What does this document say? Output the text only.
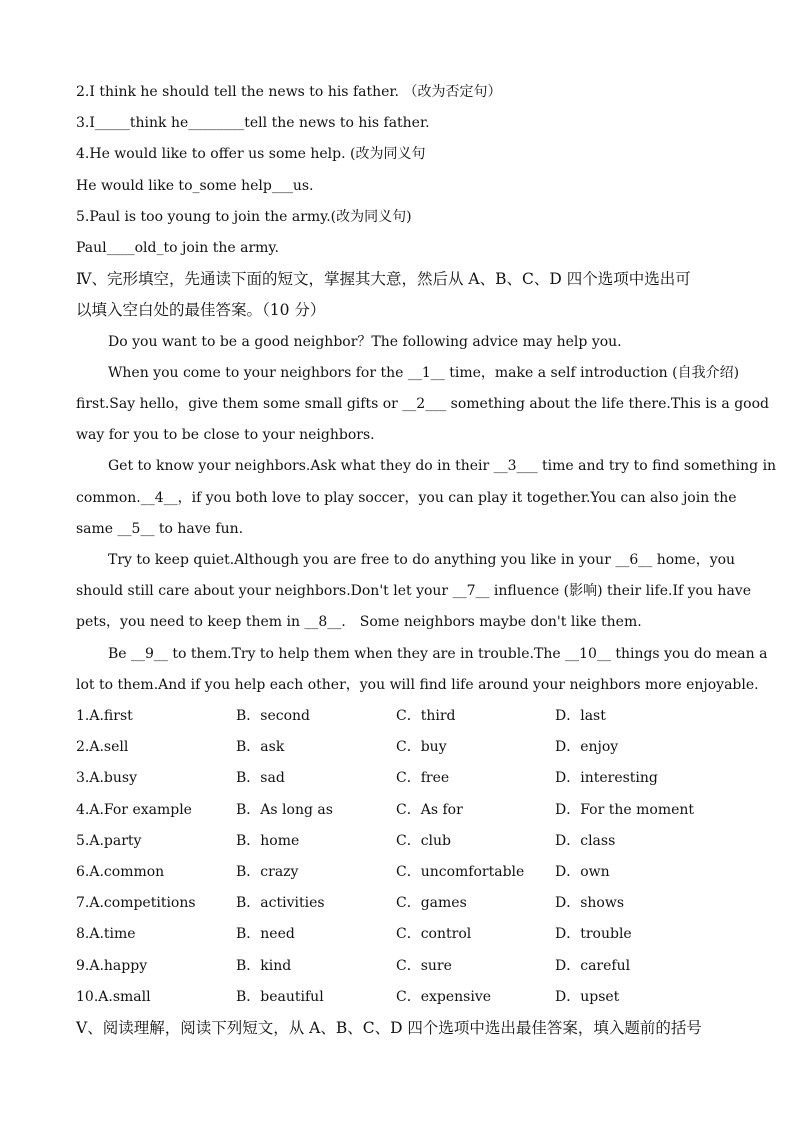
2.I think he should tell the news to his father. （改为否定句）
3.I_____think he________tell the news to his father.
4.He would like to offer us some help. (改为同义句
He would like to_some help___us.
5.Paul is too young to join the army.(改为同义句)
Paul____old_to join the army.
Ⅳ、完形填空，先通读下面的短文，掌握其大意，然后从 A、B、C、D 四个选项中选出可
以填入空白处的最佳答案。（10 分）
Do you want to be a good neighbor？The following advice may help you.
When you come to your neighbors for the __1__ time，make a self introduction (自我介绍)
first.Say hello，give them some small gifts or __2___ something about the life there.This is a good
way for you to be close to your neighbors.
Get to know your neighbors.Ask what they do in their __3___ time and try to find something in
common.__4__，if you both love to play soccer，you can play it together.You can also join the
same __5__ to have fun.
Try to keep quiet.Although you are free to do anything you like in your __6__ home，you
should still care about your neighbors.Don't let your __7__ influence (影响) their life.If you have
pets，you need to keep them in __8__． Some neighbors maybe don't like them.
Be __9__ to them.Try to help them when they are in trouble.The __10__ things you do mean a
lot to them.And if you help each other，you will find life around your neighbors more enjoyable.
1.A.first	B．second	C．third	D．last
2.A.sell	B．ask	C．buy	D．enjoy
3.A.busy	B．sad	C．free	D．interesting
4.A.For example	B．As long as	C．As for	D．For the moment
5.A.party	B．home	C．club	D．class
6.A.common	B．crazy	C．uncomfortable D．own
7.A.competitions	B．activities	C．games	D．shows
8.A.time	B．need	C．control	D．trouble
9.A.happy	B．kind	C．sure	D．careful
10.A.small	B．beautiful	C．expensive	D．upset
Ⅴ、阅读理解，阅读下列短文，从 A、B、C、D 四个选项中选出最佳答案，填入题前的括号
